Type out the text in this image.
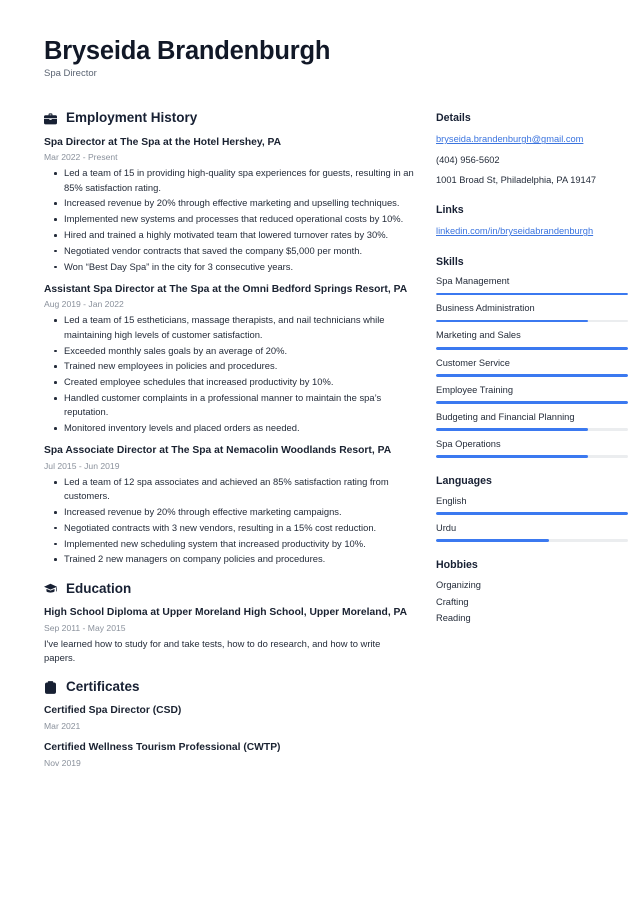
Bryseida Brandenburgh

Spa Director

Employment History

Spa Director at The Spa at the Hotel Hershey, PA

Mar 2022 - Present

Led a team of 15 in providing high-quality spa experiences for guests, resulting in an 85% satisfaction rating.
Increased revenue by 20% through effective marketing and upselling techniques.
Implemented new systems and processes that reduced operational costs by 10%.
Hired and trained a highly motivated team that lowered turnover rates by 30%.
Negotiated vendor contracts that saved the company $5,000 per month.
Won “Best Day Spa” in the city for 3 consecutive years.

Assistant Spa Director at The Spa at the Omni Bedford Springs Resort, PA

Aug 2019 - Jan 2022

Led a team of 15 estheticians, massage therapists, and nail technicians while maintaining high levels of customer satisfaction.
Exceeded monthly sales goals by an average of 20%.
Trained new employees in policies and procedures.
Created employee schedules that increased productivity by 10%.
Handled customer complaints in a professional manner to maintain the spa’s reputation.
Monitored inventory levels and placed orders as needed.

Spa Associate Director at The Spa at Nemacolin Woodlands Resort, PA

Jul 2015 - Jun 2019

Led a team of 12 spa associates and achieved an 85% satisfaction rating from customers.
Increased revenue by 20% through effective marketing campaigns.
Negotiated contracts with 3 new vendors, resulting in a 15% cost reduction.
Implemented new scheduling system that increased productivity by 10%.
Trained 2 new managers on company policies and procedures.
Education

High School Diploma at Upper Moreland High School, Upper Moreland, PA

Sep 2011 - May 2015

I've learned how to study for and take tests, how to do research, and how to write papers.

Certificates

Certified Spa Director (CSD)

Mar 2021

Certified Wellness Tourism Professional (CWTP)

Nov 2019

Details

bryseida.brandenburgh@gmail.com
(404) 956-5602
1001 Broad St, Philadelphia, PA 19147

Links

linkedin.com/in/bryseidabrandenburgh

Skills

Spa Management
Business Administration
Marketing and Sales
Customer Service
Employee Training
Budgeting and Financial Planning
Spa Operations

Languages

English
Urdu

Hobbies

Organizing
Crafting
Reading
